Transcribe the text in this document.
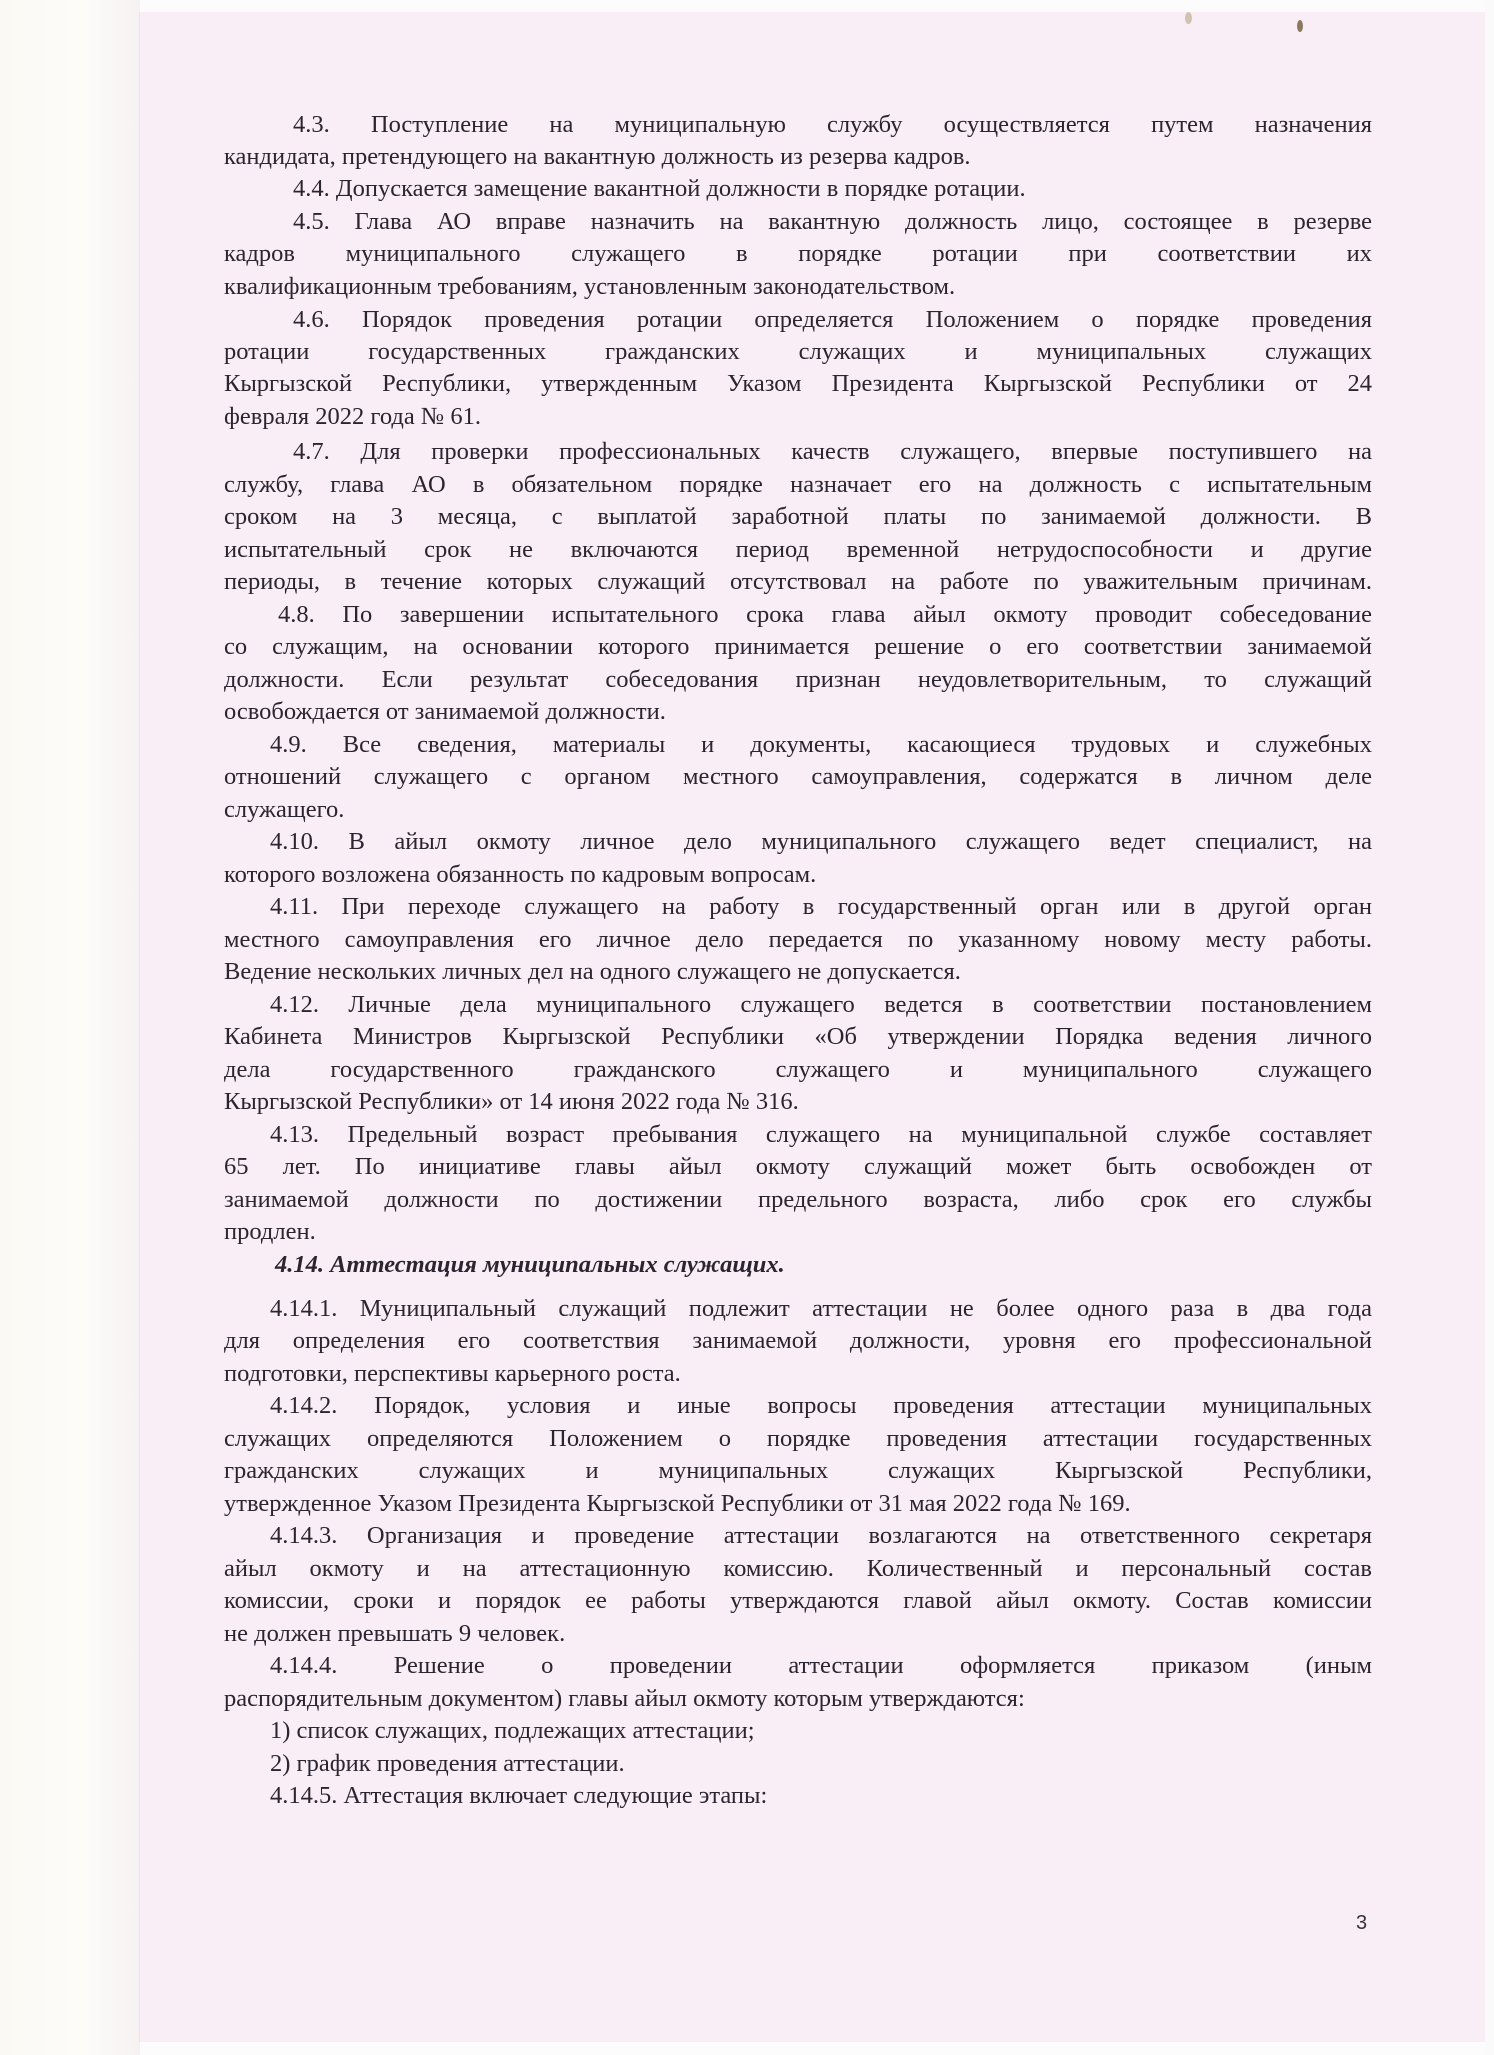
4.3. Поступление на муниципальную службу осуществляется путем назначения
кандидата, претендующего на вакантную должность из резерва кадров.
4.4. Допускается замещение вакантной должности в порядке ротации.
4.5. Глава АО вправе назначить на вакантную должность лицо, состоящее в резерве
кадров муниципального служащего в порядке ротации при соответствии их
квалификационным требованиям, установленным законодательством.
4.6. Порядок проведения ротации определяется Положением о порядке проведения
ротации государственных гражданских служащих и муниципальных служащих
Кыргызской Республики, утвержденным Указом Президента Кыргызской Республики от 24
февраля 2022 года № 61.
4.7. Для проверки профессиональных качеств служащего, впервые поступившего на
службу, глава АО в обязательном порядке назначает его на должность с испытательным
сроком на 3 месяца, с выплатой заработной платы по занимаемой должности. В
испытательный срок не включаются период временной нетрудоспособности и другие
периоды, в течение которых служащий отсутствовал на работе по уважительным причинам.
4.8. По завершении испытательного срока глава айыл окмоту проводит собеседование
со служащим, на основании которого принимается решение о его соответствии занимаемой
должности. Если результат собеседования признан неудовлетворительным, то служащий
освобождается от занимаемой должности.
4.9. Все сведения, материалы и документы, касающиеся трудовых и служебных
отношений служащего с органом местного самоуправления, содержатся в личном деле
служащего.
4.10. В айыл окмоту личное дело муниципального служащего ведет специалист, на
которого возложена обязанность по кадровым вопросам.
4.11. При переходе служащего на работу в государственный орган или в другой орган
местного самоуправления его личное дело передается по указанному новому месту работы.
Ведение нескольких личных дел на одного служащего не допускается.
4.12. Личные дела муниципального служащего ведется в соответствии постановлением
Кабинета Министров Кыргызской Республики «Об утверждении Порядка ведения личного
дела государственного гражданского служащего и муниципального служащего
Кыргызской Республики» от 14 июня 2022 года № 316.
4.13. Предельный возраст пребывания служащего на муниципальной службе составляет
65 лет. По инициативе главы айыл окмоту служащий может быть освобожден от
занимаемой должности по достижении предельного возраста, либо срок его службы
продлен.
4.14. Аттестация муниципальных служащих.
4.14.1. Муниципальный служащий подлежит аттестации не более одного раза в два года
для определения его соответствия занимаемой должности, уровня его профессиональной
подготовки, перспективы карьерного роста.
4.14.2. Порядок, условия и иные вопросы проведения аттестации муниципальных
служащих определяются Положением о порядке проведения аттестации государственных
гражданских служащих и муниципальных служащих Кыргызской Республики,
утвержденное Указом Президента Кыргызской Республики от 31 мая 2022 года № 169.
4.14.3. Организация и проведение аттестации возлагаются на ответственного секретаря
айыл окмоту и на аттестационную комиссию. Количественный и персональный состав
комиссии, сроки и порядок ее работы утверждаются главой айыл окмоту. Состав комиссии
не должен превышать 9 человек.
4.14.4. Решение о проведении аттестации оформляется приказом (иным
распорядительным документом) главы айыл окмоту которым утверждаются:
1) список служащих, подлежащих аттестации;
2) график проведения аттестации.
4.14.5. Аттестация включает следующие этапы:
3
